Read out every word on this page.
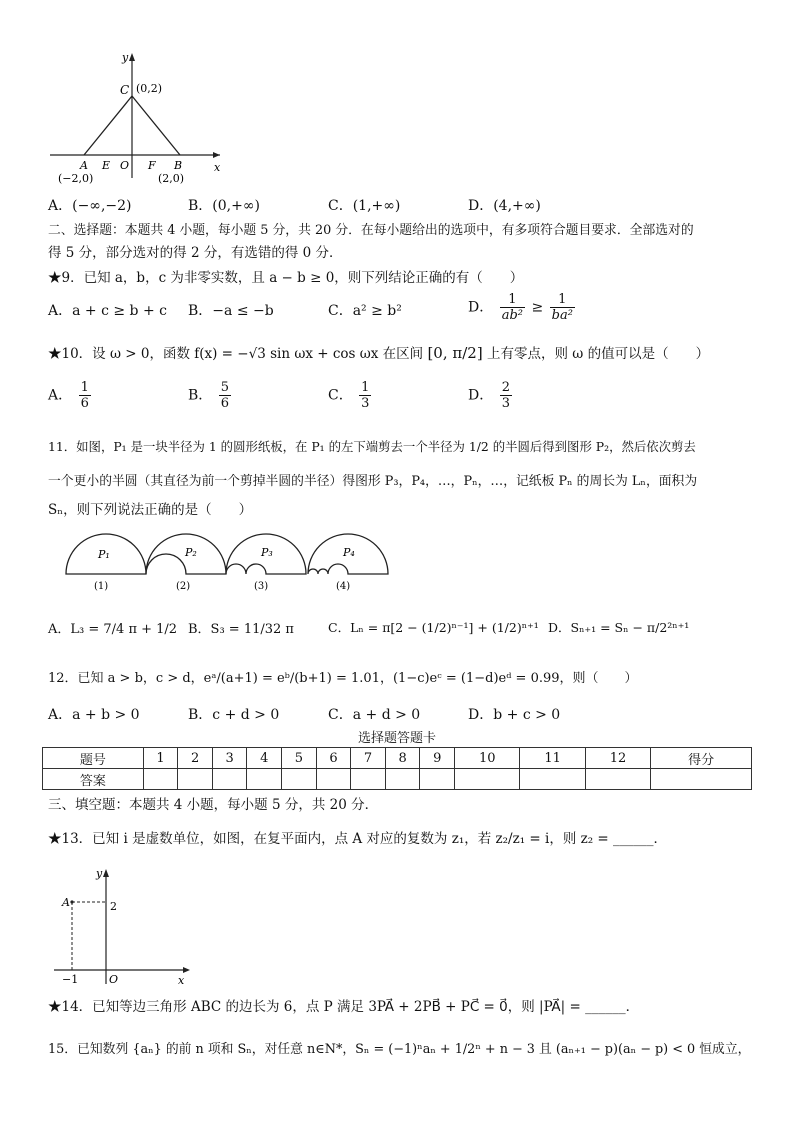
y
x
C (0,2)
A E O F B
(−2,0)	(2,0)
A．(−∞,−2)	B．(0,+∞)	C．(1,+∞)	D．(4,+∞)
二、选择题：本题共 4 小题，每小题 5 分，共 20 分．在每小题给出的选项中，有多项符合题目要求．全部选对的
得 5 分，部分选对的得 2 分，有选错的得 0 分．
★9．已知 a，b，c 为非零实数，且 a − b ≥ 0，则下列结论正确的有（　　）
A．a + c ≥ b + c B．−a ≤ −b	C．a² ≥ b²	D． $\frac{1}{\text{ab²}} \ge \frac{1}{\text{ba²}}$
★10．设 ω > 0，函数 f(x) = −√3 sin ωx + cos ωx 在区间 [0, π/2] 上有零点，则 ω 的值可以是（　　）
A． $\frac{1}{6}$	B． $\frac{5}{6}$	C． $\frac{1}{3}$	D． $\frac{2}{3}$
11．如图，P₁ 是一块半径为 1 的圆形纸板，在 P₁ 的左下端剪去一个半径为 1/2 的半圆后得到图形 P₂，然后依次剪去
一个更小的半圆（其直径为前一个剪掉半圆的半径）得图形 P₃，P₄，…，Pₙ，…，记纸板 Pₙ 的周长为 Lₙ，面积为
Sₙ，则下列说法正确的是（　　）
P₁
(1)
P₂
(2)
P₃
(3)
P₄
(4)
A．L₃ = 7/4 π + 1/2 B．S₃ = 11/32 π	C．Lₙ = π[2 − (1/2)ⁿ⁻¹] + (1/2)ⁿ⁺¹ D．Sₙ₊₁ = Sₙ − π/2²ⁿ⁺¹
12．已知 a > b，c > d，eᵃ/(a+1) = eᵇ/(b+1) = 1.01，(1−c)eᶜ = (1−d)eᵈ = 0.99，则（　　）
A．a + b > 0	B．c + d > 0	C．a + d > 0	D．b + c > 0
选择题答题卡
题号	1	2	3	4	5	6	7	8	9	10	11	12	得分
答案													
三、填空题：本题共 4 小题，每小题 5 分，共 20 分．
★13．已知 i 是虚数单位，如图，在复平面内，点 A 对应的复数为 z₁，若 z₂/z₁ = i，则 z₂ = ______．
y
x
A	2
−1	O
★14．已知等边三角形 ABC 的边长为 6，点 P 满足 3PA⃗ + 2PB⃗ + PC⃗ = 0⃗，则 |PA⃗| = ______．
15．已知数列 {aₙ} 的前 n 项和 Sₙ，对任意 n∈N*，Sₙ = (−1)ⁿaₙ + 1/2ⁿ + n − 3 且 (aₙ₊₁ − p)(aₙ − p) < 0 恒成立，
